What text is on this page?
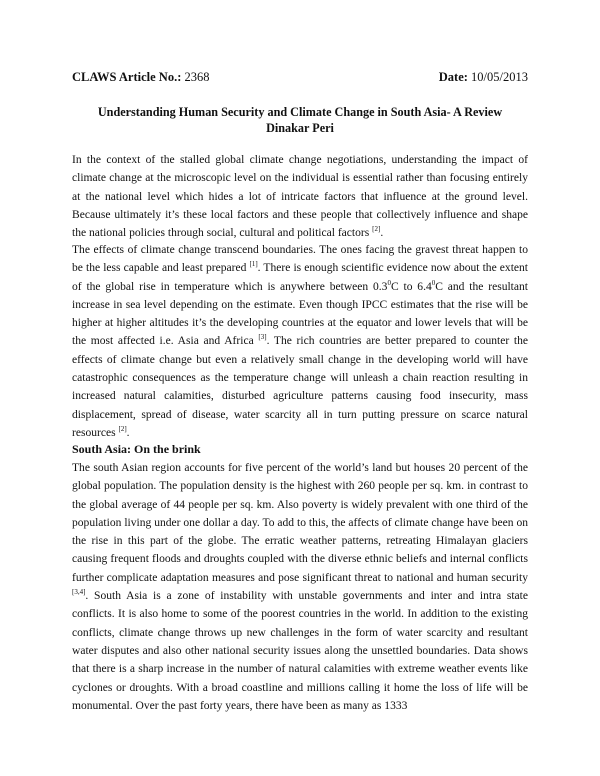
CLAWS Article No.: 2368	Date: 10/05/2013
Understanding Human Security and Climate Change in South Asia- A Review
Dinakar Peri
In the context of the stalled global climate change negotiations, understanding the impact of climate change at the microscopic level on the individual is essential rather than focusing entirely at the national level which hides a lot of intricate factors that influence at the ground level. Because ultimately it’s these local factors and these people that collectively influence and shape the national policies through social, cultural and political factors [2].
The effects of climate change transcend boundaries. The ones facing the gravest threat happen to be the less capable and least prepared [1]. There is enough scientific evidence now about the extent of the global rise in temperature which is anywhere between $0.3^0C$ to $6.4^0C$ and the resultant increase in sea level depending on the estimate. Even though IPCC estimates that the rise will be higher at higher altitudes it’s the developing countries at the equator and lower levels that will be the most affected i.e. Asia and Africa [3]. The rich countries are better prepared to counter the effects of climate change but even a relatively small change in the developing world will have catastrophic consequences as the temperature change will unleash a chain reaction resulting in increased natural calamities, disturbed agriculture patterns causing food insecurity, mass displacement, spread of disease, water scarcity all in turn putting pressure on scarce natural resources [2].
South Asia: On the brink
The south Asian region accounts for five percent of the world’s land but houses 20 percent of the global population. The population density is the highest with 260 people per sq. km. in contrast to the global average of 44 people per sq. km. Also poverty is widely prevalent with one third of the population living under one dollar a day. To add to this, the affects of climate change have been on the rise in this part of the globe. The erratic weather patterns, retreating Himalayan glaciers causing frequent floods and droughts coupled with the diverse ethnic beliefs and internal conflicts further complicate adaptation measures and pose significant threat to national and human security [3,4]. South Asia is a zone of instability with unstable governments and inter and intra state conflicts. It is also home to some of the poorest countries in the world. In addition to the existing conflicts, climate change throws up new challenges in the form of water scarcity and resultant water disputes and also other national security issues along the unsettled boundaries. Data shows that there is a sharp increase in the number of natural calamities with extreme weather events like cyclones or droughts. With a broad coastline and millions calling it home the loss of life will be monumental. Over the past forty years, there have been as many as 1333
